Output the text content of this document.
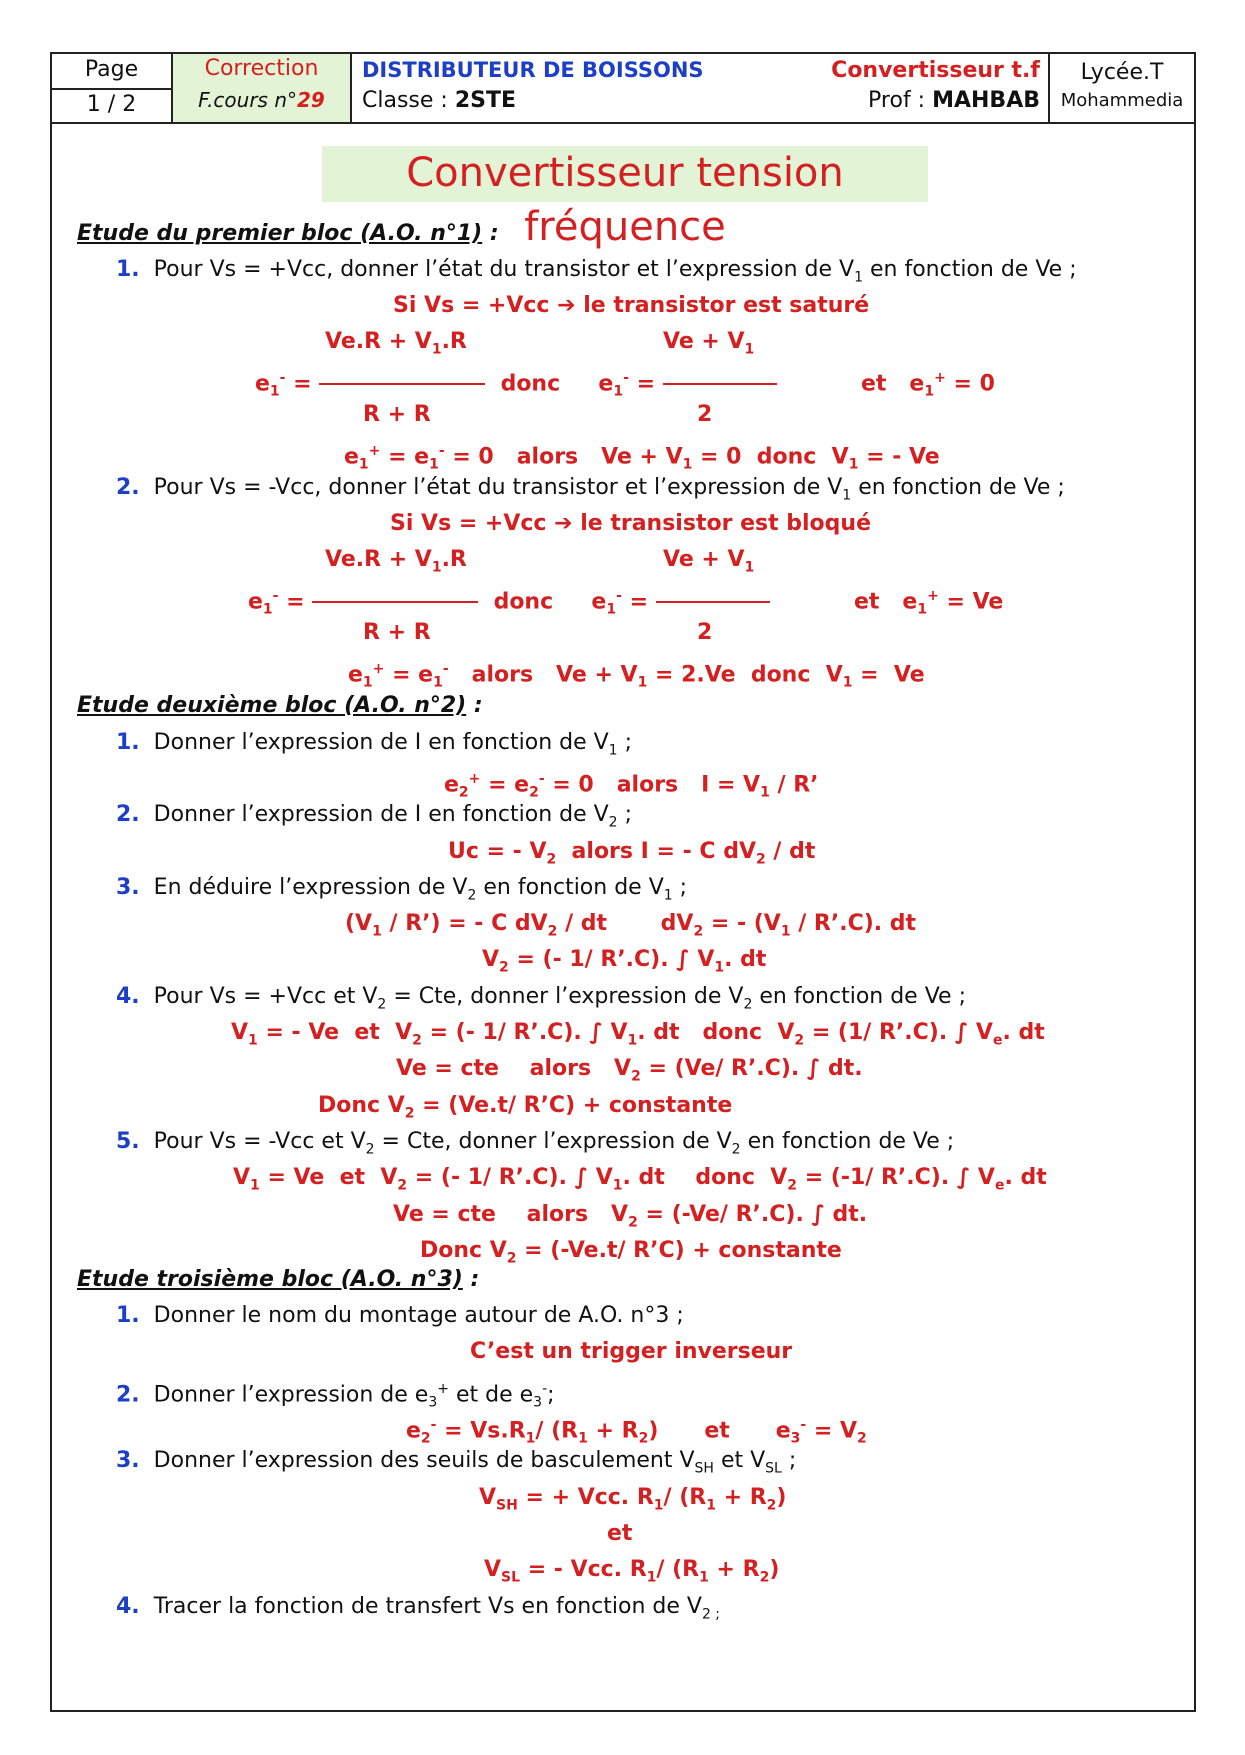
Page
1 / 2
Correction
F.cours n°29
DISTRIBUTEUR DE BOISSONS
Classe : 2STE
Convertisseur t.f
Prof : MAHBAB
Lycée.T
Mohammedia
Convertisseur tension fréquence
Etude du premier bloc (A.O. n°1) :
1. Pour Vs = +Vcc, donner l’état du transistor et l’expression de $V_1$ en fonction de Ve ;
Si Vs = +Vcc ➔ le transistor est saturé
$Ve.R + V_1.R$	$Ve + V_1$
$e_1^-$ =	donc     $e_1^-$ =	et   $e_1^+ = 0$
R + R	2
$e_1^+ = e_1^- = 0$   alors   $Ve + V_1 = 0$  donc  $V_1$ = - Ve
2. Pour Vs = -Vcc, donner l’état du transistor et l’expression de $V_1$ en fonction de Ve ;
Si Vs = +Vcc ➔ le transistor est bloqué
$Ve.R + V_1.R$	$Ve + V_1$
$e_1^-$ =	donc     $e_1^-$ =	et   $e_1^+ = Ve$
R + R	2
$e_1^+ = e_1^-$   alors   $Ve + V_1 = 2.Ve$  donc  $V_1 = Ve$
Etude deuxième bloc (A.O. n°2) :
1. Donner l’expression de I en fonction de $V_1$ ;
$e_2^+ = e_2^- = 0$   alors   $I = V_1 / R$’
2. Donner l’expression de I en fonction de $V_2$ ;
Uc = - $V_2$  alors I = - C $dV_2$ / dt
3. En déduire l’expression de $V_2$ en fonction de $V_1$ ;
($V_1$ / R’) = - C $dV_2$ / dt       $dV_2$ = - ($V_1$ / R’.C). dt
$V_2$ = (- 1/ R’.C). ∫ $V_1$. dt
4. Pour Vs = +Vcc et $V_2$ = Cte, donner l’expression de $V_2$ en fonction de Ve ;
$V_1$ = - Ve  et  $V_2$ = (- 1/ R’.C). ∫ $V_1$. dt   donc  $V_2 = (1/$ R’.C). ∫ $V_e$. dt
Ve = cte    alors   $V_2 = (Ve/$ R’.C). ∫ dt.
Donc $V_2 = (Ve.t/$ R’C) + constante
5. Pour Vs = -Vcc et $V_2$ = Cte, donner l’expression de $V_2$ en fonction de Ve ;
$V_1 = Ve$  et  $V_2$ = (- 1/ R’.C). ∫ $V_1$. dt    donc  $V_2 = (-1/$ R’.C). ∫ $V_e$. dt
Ve = cte    alors   $V_2 = (-Ve/$ R’.C). ∫ dt.
Donc $V_2 = (-Ve.t/$ R’C) + constante
Etude troisième bloc (A.O. n°3) :
1. Donner le nom du montage autour de A.O. n°3 ;
C’est un trigger inverseur
2. Donner l’expression de $e_3^+$ et de $e_3^-$;
$e_2^- = Vs.R_1/$ $(R_1 + R_2)$      et      $e_3^- = V_2$
3. Donner l’expression des seuils de basculement $V_{SH}$ et $V_{SL}$ ;
$V_{SH}$ = + Vcc. $R_1/$ $(R_1 + R_2)$
et
$V_{SL}$ = - Vcc. $R_1/$ $(R_1 + R_2)$
4. Tracer la fonction de transfert Vs en fonction de $V_{2 ;}$
